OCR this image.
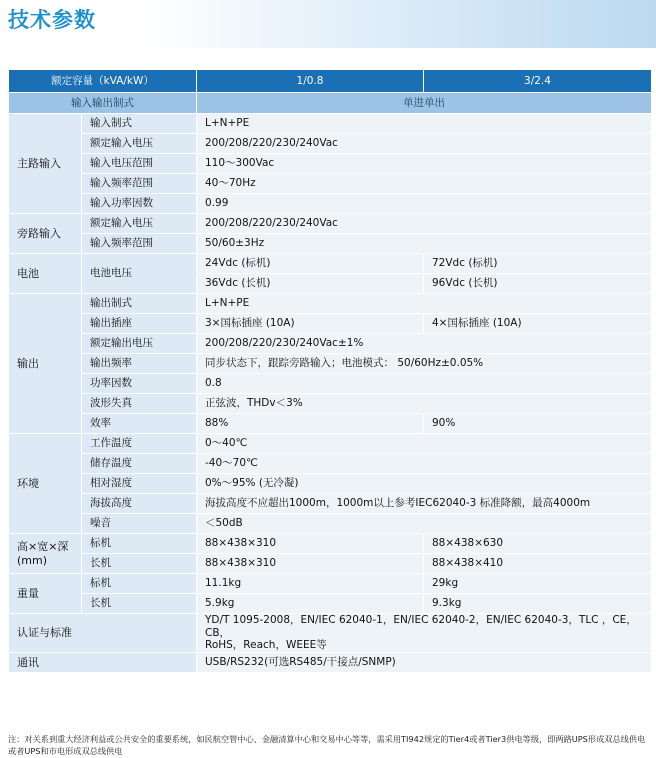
技术参数
额定容量（kVA/kW）		1/0.8	3/2.4
输入输出制式		单进单出	
主路输入	输入制式	L+N+PE	
	额定输入电压	200/208/220/230/240Vac	
	输入电压范围	110～300Vac	
	输入频率范围	40～70Hz	
	输入功率因数	0.99	
旁路输入	额定输入电压	200/208/220/230/240Vac	
	输入频率范围	50/60±3Hz	
电池	电池电压	24Vdc (标机)	72Vdc (标机)
		36Vdc (长机)	96Vdc (长机)
输出	输出制式	L+N+PE	
	输出插座	3×国标插座 (10A)	4×国标插座 (10A)
	额定输出电压	200/208/220/230/240Vac±1%	
	输出频率	同步状态下，跟踪旁路输入；电池模式： 50/60Hz±0.05%	
	功率因数	0.8	
	波形失真	正弦波，THDv＜3%	
	效率	88%	90%
环境	工作温度	0～40℃	
	储存温度	-40～70℃	
	相对湿度	0%～95% (无冷凝)	
	海拔高度	海拔高度不应超出1000m，1000m以上参考IEC62040-3 标准降额，最高4000m	
	噪音	＜50dB	
高×宽×深
(mm)	标机	88×438×310	88×438×630
	长机	88×438×310	88×438×410
重量	标机	11.1kg	29kg
	长机	5.9kg	9.3kg
认证与标准		YD/T 1095-2008，EN/IEC 62040-1，EN/IEC 62040-2，EN/IEC 62040-3，TLC ，CE，CB，
RoHS，Reach，WEEE等	
通讯		USB/RS232(可选RS485/干接点/SNMP)	
注：对关系到重大经济利益或公共安全的重要系统，如民航空管中心、金融清算中心和交易中心等等，需采用TI942规定的Tier4或者Tier3供电等级，即两路UPS形成双总线供电或者UPS和市电形成双总线供电
